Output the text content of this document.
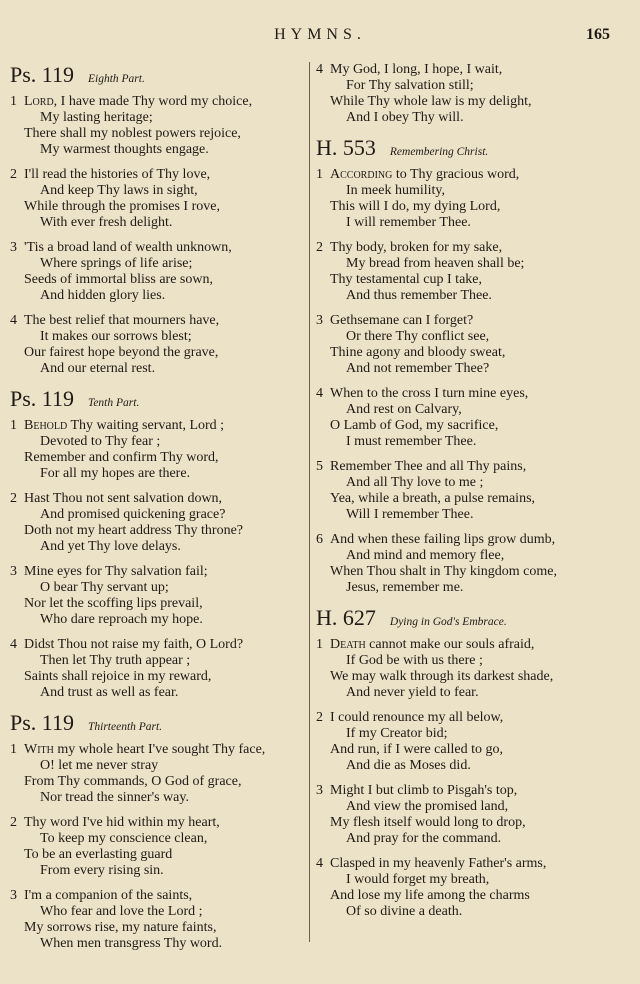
HYMNS.	165
Ps. 119 Eighth Part.
1 Lord, I have made Thy word my choice,
My lasting heritage;
There shall my noblest powers rejoice,
My warmest thoughts engage.
2 I'll read the histories of Thy love,
And keep Thy laws in sight,
While through the promises I rove,
With ever fresh delight.
3 'Tis a broad land of wealth unknown,
Where springs of life arise;
Seeds of immortal bliss are sown,
And hidden glory lies.
4 The best relief that mourners have,
It makes our sorrows blest;
Our fairest hope beyond the grave,
And our eternal rest.
Ps. 119 Tenth Part.
1 Behold Thy waiting servant, Lord ;
Devoted to Thy fear ;
Remember and confirm Thy word,
For all my hopes are there.
2 Hast Thou not sent salvation down,
And promised quickening grace?
Doth not my heart address Thy throne?
And yet Thy love delays.
3 Mine eyes for Thy salvation fail;
O bear Thy servant up;
Nor let the scoffing lips prevail,
Who dare reproach my hope.
4 Didst Thou not raise my faith, O Lord?
Then let Thy truth appear ;
Saints shall rejoice in my reward,
And trust as well as fear.
Ps. 119 Thirteenth Part.
1 With my whole heart I've sought Thy face,
O! let me never stray
From Thy commands, O God of grace,
Nor tread the sinner's way.
2 Thy word I've hid within my heart,
To keep my conscience clean,
To be an everlasting guard
From every rising sin.
3 I'm a companion of the saints,
Who fear and love the Lord ;
My sorrows rise, my nature faints,
When men transgress Thy word.
4 My God, I long, I hope, I wait,
For Thy salvation still;
While Thy whole law is my delight,
And I obey Thy will.
H. 553 Remembering Christ.
1 According to Thy gracious word,
In meek humility,
This will I do, my dying Lord,
I will remember Thee.
2 Thy body, broken for my sake,
My bread from heaven shall be;
Thy testamental cup I take,
And thus remember Thee.
3 Gethsemane can I forget?
Or there Thy conflict see,
Thine agony and bloody sweat,
And not remember Thee?
4 When to the cross I turn mine eyes,
And rest on Calvary,
O Lamb of God, my sacrifice,
I must remember Thee.
5 Remember Thee and all Thy pains,
And all Thy love to me ;
Yea, while a breath, a pulse remains,
Will I remember Thee.
6 And when these failing lips grow dumb,
And mind and memory flee,
When Thou shalt in Thy kingdom come,
Jesus, remember me.
H. 627 Dying in God's Embrace.
1 Death cannot make our souls afraid,
If God be with us there ;
We may walk through its darkest shade,
And never yield to fear.
2 I could renounce my all below,
If my Creator bid;
And run, if I were called to go,
And die as Moses did.
3 Might I but climb to Pisgah's top,
And view the promised land,
My flesh itself would long to drop,
And pray for the command.
4 Clasped in my heavenly Father's arms,
I would forget my breath,
And lose my life among the charms
Of so divine a death.
